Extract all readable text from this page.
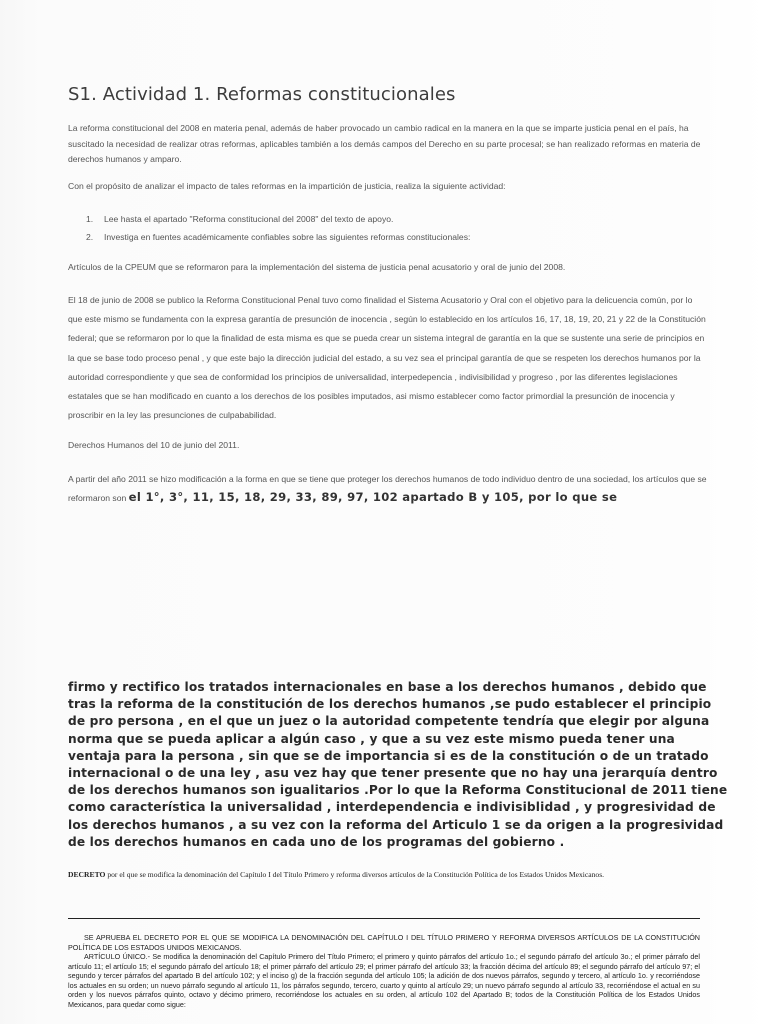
S1. Actividad 1. Reformas constitucionales

La reforma constitucional del 2008 en materia penal, además de haber provocado un cambio radical en la manera en la que se imparte justicia penal en el país, ha suscitado la necesidad de realizar otras reformas, aplicables también a los demás campos del Derecho en su parte procesal; se han realizado reformas en materia de derechos humanos y amparo.

Con el propósito de analizar el impacto de tales reformas en la impartición de justicia, realiza la siguiente actividad:

1. Lee hasta el apartado "Reforma constitucional del 2008" del texto de apoyo.
2. Investiga en fuentes académicamente confiables sobre las siguientes reformas constitucionales:

Artículos de la CPEUM que se reformaron para la implementación del sistema de justicia penal acusatorio y oral de junio del 2008.

El 18 de junio de 2008 se publico la Reforma Constitucional Penal tuvo como finalidad el Sistema Acusatorio y Oral con el objetivo para la delicuencia común, por lo que este mismo se fundamenta con la expresa garantía de presunción de inocencia , según lo establecido en los artículos 16, 17, 18, 19, 20, 21 y 22 de la Constitución federal; que se reformaron por lo que la finalidad de esta misma es que se pueda crear un sistema integral de garantía en la que se sustente una serie de principios en la que se base todo proceso penal , y que este bajo la dirección judicial del estado, a su vez sea el principal garantía de que se respeten los derechos humanos por la autoridad correspondiente y que sea de conformidad los principios de universalidad, interpedepencia , indivisibilidad y progreso , por las diferentes legislaciones estatales que se han modificado en cuanto a los derechos de los posibles imputados, asi mismo establecer como factor primordial la presunción de inocencia y proscribir en la ley las presunciones de culpababilidad.

Derechos Humanos del 10 de junio del 2011.

A partir del año 2011 se hizo modificación a la forma en que se tiene que proteger los derechos humanos de todo individuo dentro de una sociedad, los artículos que se reformaron son el 1°, 3°, 11, 15, 18, 29, 33, 89, 97, 102 apartado B y 105, por lo que se

firmo y rectifico los tratados internacionales en base a los derechos humanos , debido que tras la reforma de la constitución de los derechos humanos ,se pudo establecer el principio de pro persona , en el que un juez o la autoridad competente tendría que elegir por alguna norma que se pueda aplicar a algún caso , y que a su vez este mismo pueda tener una ventaja para la persona , sin que se de importancia si es de la constitución o de un tratado internacional o de una ley , asu vez hay que tener presente que no hay una jerarquía dentro de los derechos humanos son igualitarios .Por lo que la Reforma Constitucional de 2011 tiene como característica la universalidad , interdependencia e indivisiblidad , y progresividad de los derechos humanos , a su vez con la reforma del Articulo 1 se da origen a la progresividad de los derechos humanos en cada uno de los programas del gobierno .

DECRETO por el que se modifica la denominación del Capítulo I del Título Primero y reforma diversos artículos de la Constitución Política de los Estados Unidos Mexicanos.

SE APRUEBA EL DECRETO POR EL QUE SE MODIFICA LA DENOMINACIÓN DEL CAPÍTULO I DEL TÍTULO PRIMERO Y REFORMA DIVERSOS ARTÍCULOS DE LA CONSTITUCIÓN POLÍTICA DE LOS ESTADOS UNIDOS MEXICANOS.

ARTÍCULO ÚNICO.- Se modifica la denominación del Capítulo Primero del Título Primero; el primero y quinto párrafos del artículo 1o.; el segundo párrafo del artículo 3o.; el primer párrafo del artículo 11; el artículo 15; el segundo párrafo del artículo 18; el primer párrafo del artículo 29; el primer párrafo del artículo 33; la fracción décima del artículo 89; el segundo párrafo del artículo 97; el segundo y tercer párrafos del apartado B del artículo 102; y el inciso g) de la fracción segunda del artículo 105; la adición de dos nuevos párrafos, segundo y tercero, al artículo 1o. y recorriéndose los actuales en su orden; un nuevo párrafo segundo al artículo 11, los párrafos segundo, tercero, cuarto y quinto al artículo 29; un nuevo párrafo segundo al artículo 33, recorriéndose el actual en su orden y los nuevos párrafos quinto, octavo y décimo primero, recorriéndose los actuales en su orden, al artículo 102 del Apartado B; todos de la Constitución Política de los Estados Unidos Mexicanos, para quedar como sigue:
